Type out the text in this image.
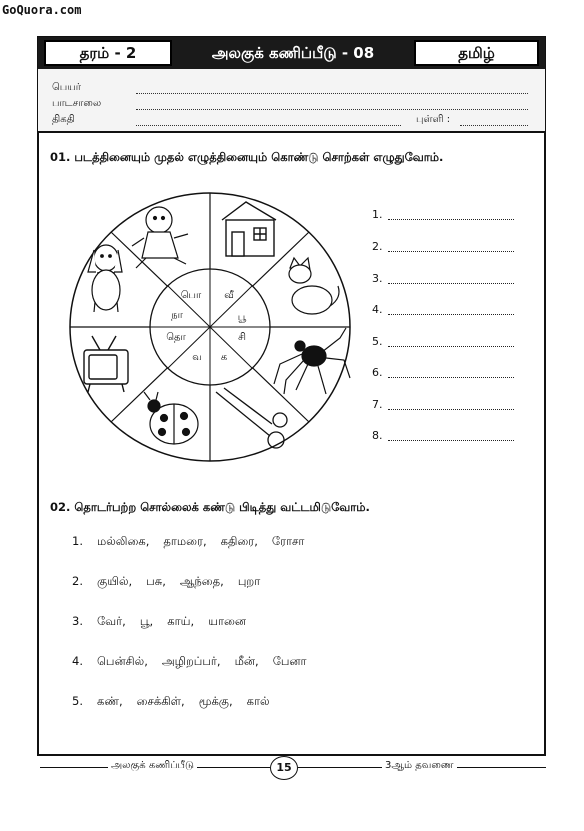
GoQuora.com
தரம் - 2	அலகுக் கணிப்பீடு - 08	தமிழ்
பெயர்
பாடசாலை
திகதி	புள்ளி :
01. படத்தினையும் முதல் எழுத்தினையும் கொண்டு சொற்கள் எழுதுவோம்.
பொ வீ
நா	பூ
தொ	சி
வ க
1.
2.
3.
4.
5.
6.
7.
8.
02. தொடர்பற்ற சொல்லைக் கண்டு பிடித்து வட்டமிடுவோம்.
1. மல்லிகை, தாமரை, கதிரை, ரோசா
2. குயில், பசு, ஆந்தை, புறா
3. வேர், பூ, காய், யானை
4. பென்சில், அழிறப்பர், மீன், பேனா
5. கண், சைக்கிள், மூக்கு, கால்
அலகுக் கணிப்பீடு	15	3ஆம் தவணை
